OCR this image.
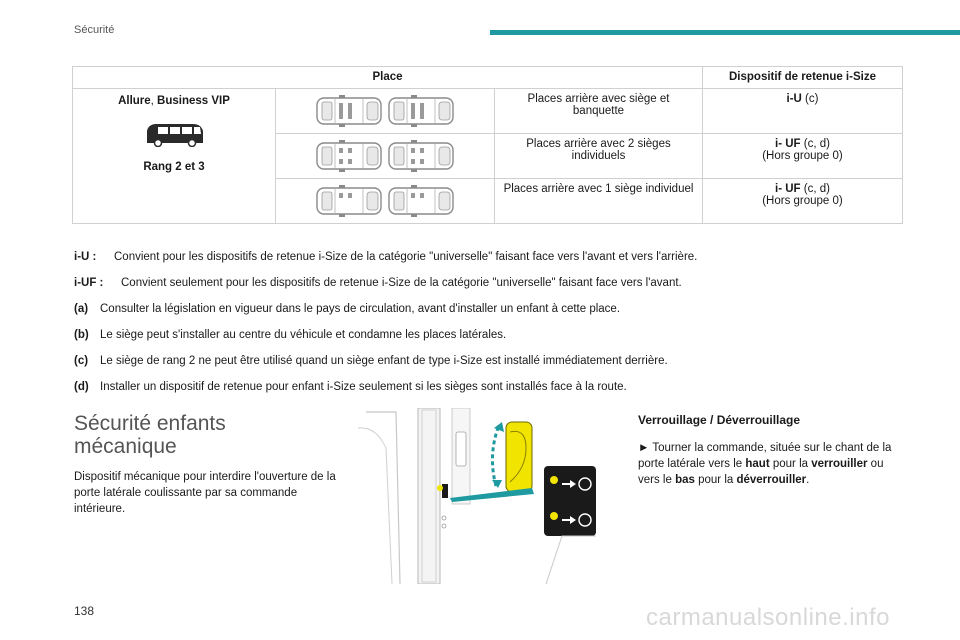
Sécurité
Place			Dispositif de retenue i-Size

Allure, Business VIP
Rang 2 et 3		Places arrière avec siège et banquette	i-U (c)

	Places arrière avec 2 sièges individuels	i- UF (c, d)
(Hors groupe 0)

	Places arrière avec 1 siège individuel	i- UF (c, d)
(Hors groupe 0)
i-U :	Convient pour les dispositifs de retenue i-Size de la catégorie "universelle" faisant face vers l'avant et vers l'arrière.
i-UF :	Convient seulement pour les dispositifs de retenue i-Size de la catégorie "universelle" faisant face vers l'avant.
(a)	Consulter la législation en vigueur dans le pays de circulation, avant d'installer un enfant à cette place.
(b) Le siège peut s'installer au centre du véhicule et condamne les places latérales.
(c)	Le siège de rang 2 ne peut être utilisé quand un siège enfant de type i-Size est installé immédiatement derrière.
(d) Installer un dispositif de retenue pour enfant i-Size seulement si les sièges sont installés face à la route.
Sécurité enfants mécanique
Dispositif mécanique pour interdire l'ouverture de la porte latérale coulissante par sa commande intérieure.
Verrouillage / Déverrouillage
► Tourner la commande, située sur le chant de la porte latérale vers le haut pour la verrouiller ou vers le bas pour la déverrouiller.
138	carmanualsonline.info
